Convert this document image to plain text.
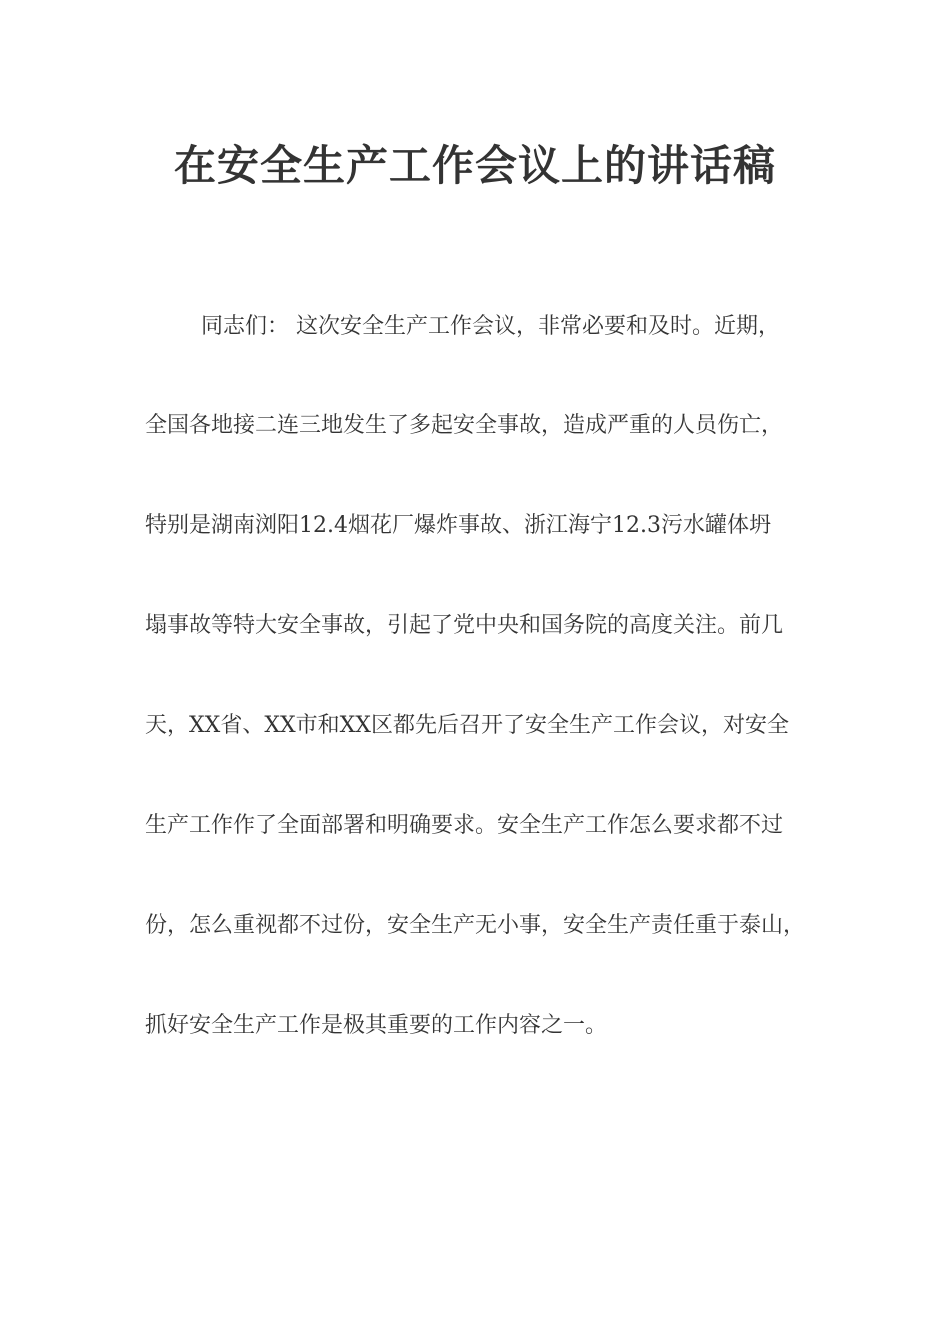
在安全生产工作会议上的讲话稿

同志们： 这次安全生产工作会议，非常必要和及时。近期，

全国各地接二连三地发生了多起安全事故，造成严重的人员伤亡，

特别是湖南浏阳12.4烟花厂爆炸事故、浙江海宁12.3污水罐体坍

塌事故等特大安全事故，引起了党中央和国务院的高度关注。前几

天，XX省、XX市和XX区都先后召开了安全生产工作会议，对安全

生产工作作了全面部署和明确要求。安全生产工作怎么要求都不过

份，怎么重视都不过份，安全生产无小事，安全生产责任重于泰山，

抓好安全生产工作是极其重要的工作内容之一。
